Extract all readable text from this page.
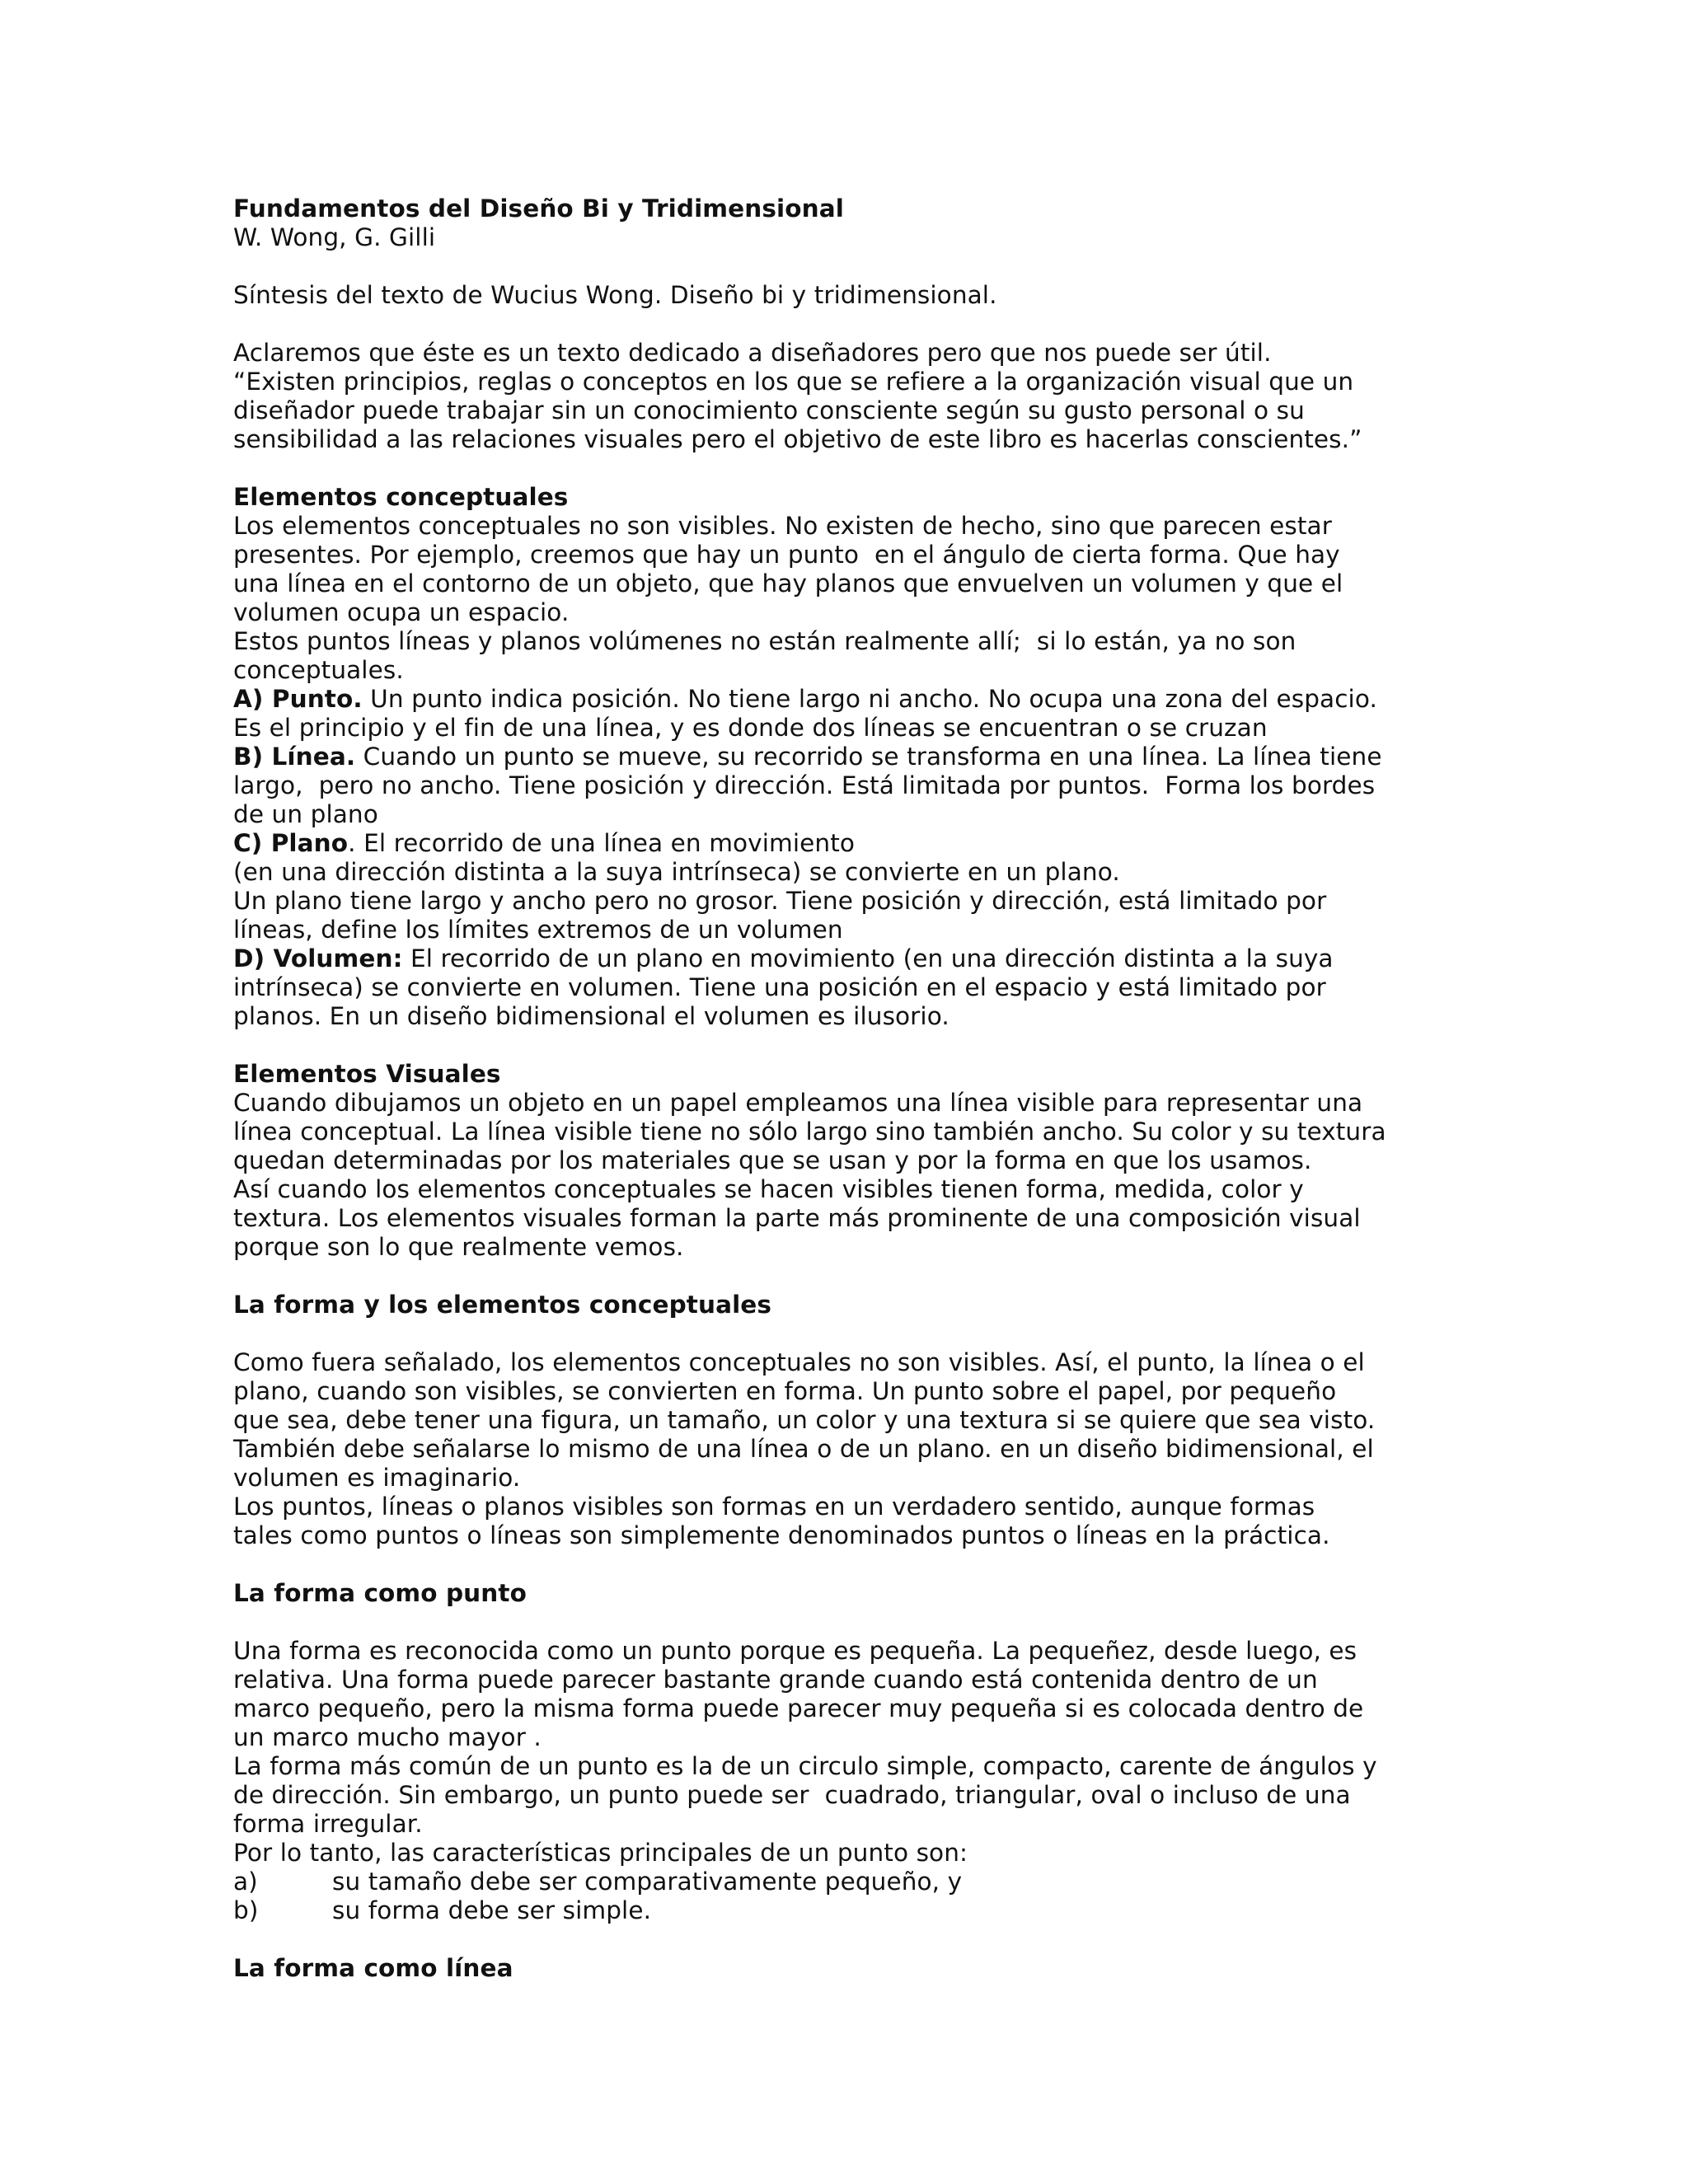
Fundamentos del Diseño Bi y Tridimensional
W. Wong, G. Gilli
Síntesis del texto de Wucius Wong. Diseño bi y tridimensional.
Aclaremos que éste es un texto dedicado a diseñadores pero que nos puede ser útil.
“Existen principios, reglas o conceptos en los que se refiere a la organización visual que un
diseñador puede trabajar sin un conocimiento consciente según su gusto personal o su
sensibilidad a las relaciones visuales pero el objetivo de este libro es hacerlas conscientes.”
Elementos conceptuales
Los elementos conceptuales no son visibles. No existen de hecho, sino que parecen estar
presentes. Por ejemplo, creemos que hay un punto  en el ángulo de cierta forma. Que hay
una línea en el contorno de un objeto, que hay planos que envuelven un volumen y que el
volumen ocupa un espacio.
Estos puntos líneas y planos volúmenes no están realmente allí;  si lo están, ya no son
conceptuales.
A) Punto. Un punto indica posición. No tiene largo ni ancho. No ocupa una zona del espacio.
Es el principio y el fin de una línea, y es donde dos líneas se encuentran o se cruzan
B) Línea. Cuando un punto se mueve, su recorrido se transforma en una línea. La línea tiene
largo,  pero no ancho. Tiene posición y dirección. Está limitada por puntos.  Forma los bordes
de un plano
C) Plano. El recorrido de una línea en movimiento
(en una dirección distinta a la suya intrínseca) se convierte en un plano.
Un plano tiene largo y ancho pero no grosor. Tiene posición y dirección, está limitado por
líneas, define los límites extremos de un volumen
D) Volumen: El recorrido de un plano en movimiento (en una dirección distinta a la suya
intrínseca) se convierte en volumen. Tiene una posición en el espacio y está limitado por
planos. En un diseño bidimensional el volumen es ilusorio.
Elementos Visuales
Cuando dibujamos un objeto en un papel empleamos una línea visible para representar una
línea conceptual. La línea visible tiene no sólo largo sino también ancho. Su color y su textura
quedan determinadas por los materiales que se usan y por la forma en que los usamos.
Así cuando los elementos conceptuales se hacen visibles tienen forma, medida, color y
textura. Los elementos visuales forman la parte más prominente de una composición visual
porque son lo que realmente vemos.
La forma y los elementos conceptuales
Como fuera señalado, los elementos conceptuales no son visibles. Así, el punto, la línea o el
plano, cuando son visibles, se convierten en forma. Un punto sobre el papel, por pequeño
que sea, debe tener una figura, un tamaño, un color y una textura si se quiere que sea visto.
También debe señalarse lo mismo de una línea o de un plano. en un diseño bidimensional, el
volumen es imaginario.
Los puntos, líneas o planos visibles son formas en un verdadero sentido, aunque formas
tales como puntos o líneas son simplemente denominados puntos o líneas en la práctica.
La forma como punto
Una forma es reconocida como un punto porque es pequeña. La pequeñez, desde luego, es
relativa. Una forma puede parecer bastante grande cuando está contenida dentro de un
marco pequeño, pero la misma forma puede parecer muy pequeña si es colocada dentro de
un marco mucho mayor .
La forma más común de un punto es la de un circulo simple, compacto, carente de ángulos y
de dirección. Sin embargo, un punto puede ser  cuadrado, triangular, oval o incluso de una
forma irregular.
Por lo tanto, las características principales de un punto son:
a)	su tamaño debe ser comparativamente pequeño, y
b)	su forma debe ser simple.
La forma como línea
